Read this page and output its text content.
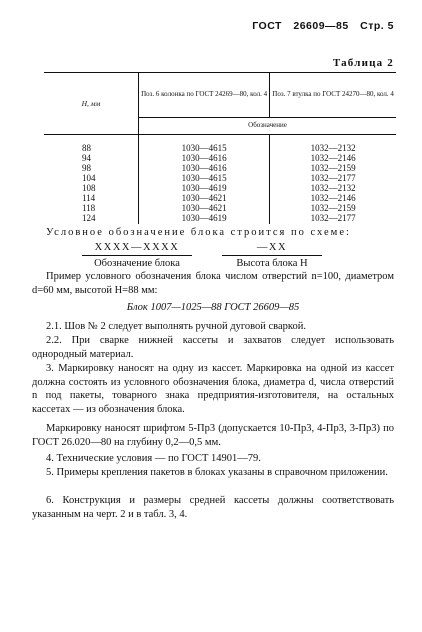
ГОСТ 26609—85 Стр. 5
Таблица 2
H, мм	Поз. 6 колонка по ГОСТ 24269—80, кол. 4	Поз. 7 втулка по ГОСТ 24270—80, кол. 4
	Обозначение	

88	1030—4615	1032—2132
94	1030—4616	1032—2146
98	1030—4616	1032—2159
104	1030—4615	1032—2177
108	1030—4619	1032—2132
114	1030—4621	1032—2146
118	1030—4621	1032—2159
124	1030—4619	1032—2177
Условное обозначение блока строится по схеме:
XXXX—XXXX
Обозначение блока
—XX
Высота блока H
Пример условного обозначения блока числом отверстий n=100, диаметром d=60 мм, высотой H=88 мм:
Блок 1007—1025—88 ГОСТ 26609—85
2.1. Шов № 2 следует выполнять ручной дуговой сваркой.
2.2. При сварке нижней кассеты и захватов следует использовать однородный материал.
3. Маркировку наносят на одну из кассет. Маркировка на одной из кассет должна состоять из условного обозначения блока, диаметра d, числа отверстий n под пакеты, товарного знака предприятия-изготовителя, на остальных кассетах — из обозначения блока.
Маркировку наносят шрифтом 5-Пр3 (допускается 10-Пр3, 4-Пр3, 3-Пр3) по ГОСТ 26.020—80 на глубину 0,2—0,5 мм.
4. Технические условия — по ГОСТ 14901—79.
5. Примеры крепления пакетов в блоках указаны в справочном приложении.
6. Конструкция и размеры средней кассеты должны соответствовать указанным на черт. 2 и в табл. 3, 4.
